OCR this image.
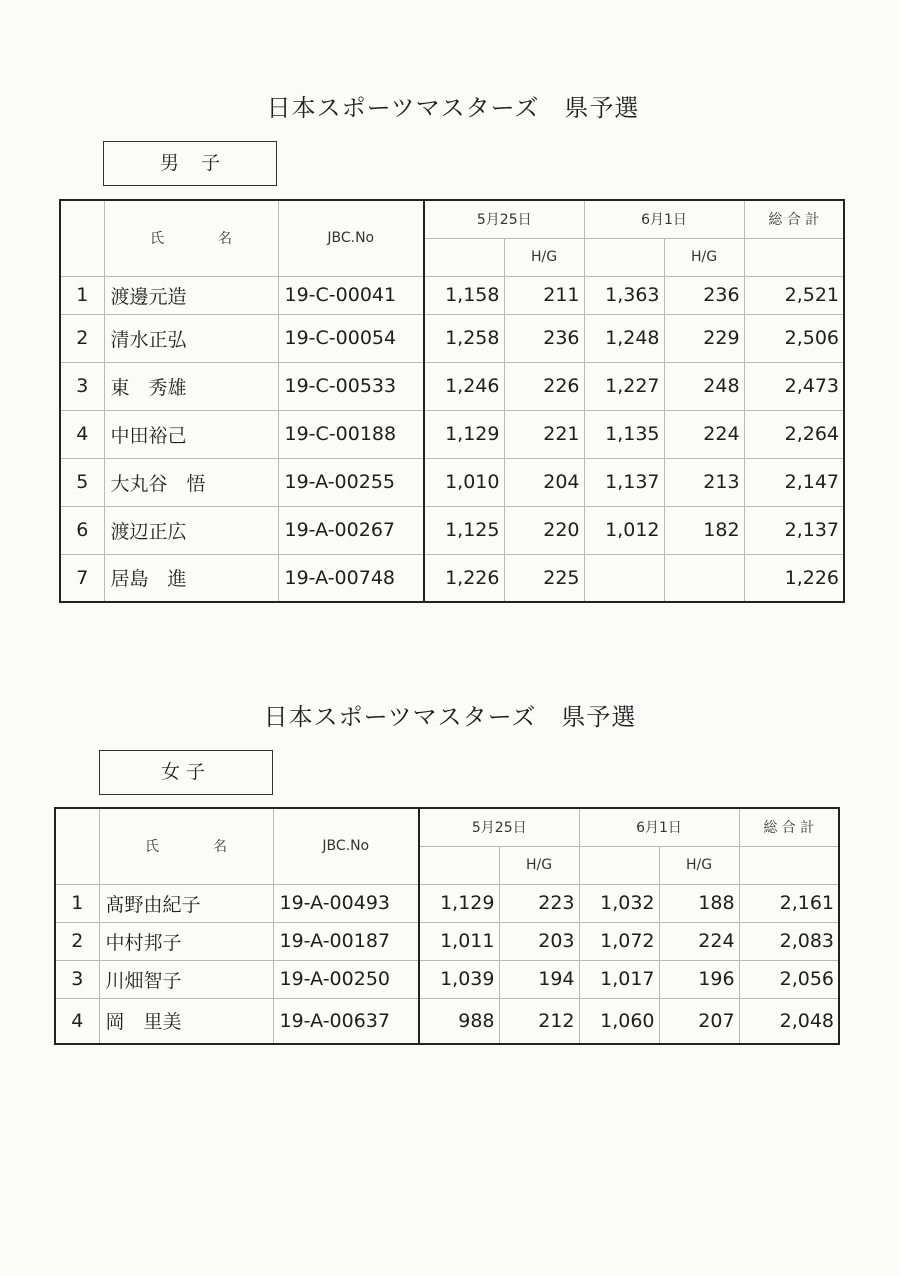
日本スポーツマスターズ　県予選
男子
	氏　名	JBC.No	5月25日		6月1日		総 合 計
				H/G		H/G	
1	渡邊元造	19-C-00041	1,158	211	1,363	236	2,521
2	清水正弘	19-C-00054	1,258	236	1,248	229	2,506
3	東　秀雄	19-C-00533	1,246	226	1,227	248	2,473
4	中田裕己	19-C-00188	1,129	221	1,135	224	2,264
5	大丸谷　悟	19-A-00255	1,010	204	1,137	213	2,147
6	渡辺正広	19-A-00267	1,125	220	1,012	182	2,137
7	居島　進	19-A-00748	1,226	225			1,226
日本スポーツマスターズ　県予選
女子
	氏　名	JBC.No	5月25日		6月1日		総 合 計
				H/G		H/G	
1	髙野由紀子	19-A-00493	1,129	223	1,032	188	2,161
2	中村邦子	19-A-00187	1,011	203	1,072	224	2,083
3	川畑智子	19-A-00250	1,039	194	1,017	196	2,056
4	岡　里美	19-A-00637	988	212	1,060	207	2,048
